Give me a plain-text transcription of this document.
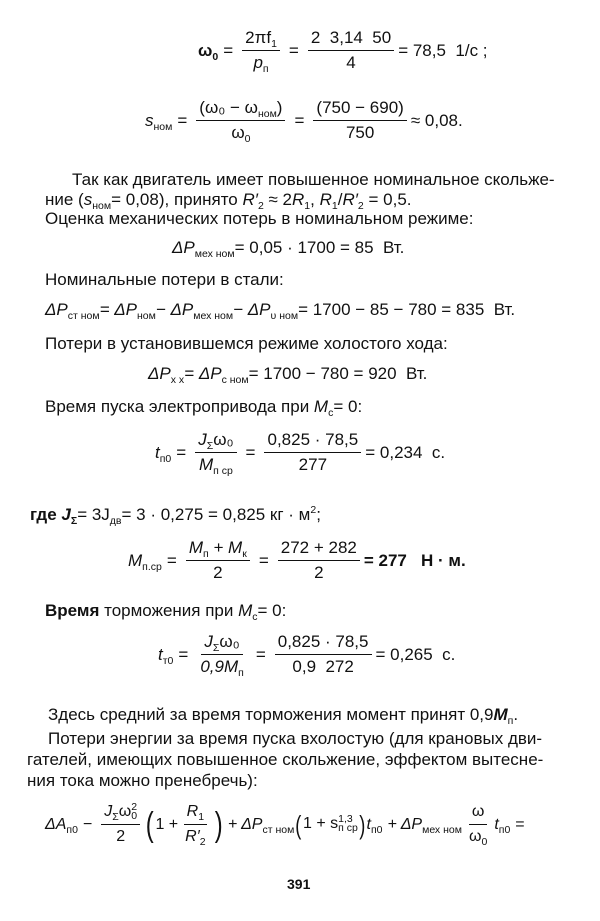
$\omega_0 = \frac{2\pi f_1}{p_п} = \frac{2 3,14 50}{4} = 78,5$  1/c ;
$s_{ном} = \frac{(\omega_0 - \omega_{ном})}{\omega_0} = \frac{(750 - 690)}{750} \approx 0,08$.
Так как двигатель имеет повышенное номинальное скольже-
ние $(s_{ном}= 0,08)$, принято $R'_2 \approx 2R_1$, $R_1/R'_2 = 0,5$.
Оценка механических потерь в номинальном режиме:
$\Delta P_{мех ном}= 0,05 \cdot 1700 = 85$  Вт.
Номинальные потери в стали:
$\Delta P_{ст ном}= \Delta P_{ном}- \Delta P_{мех ном}- \Delta P_{\upsilon ном}= 1700 - 85 - 780 = 835$  Вт.
Потери в установившемся режиме холостого хода:
$\Delta P_{x x}= \Delta P_{c ном}= 1700 - 780 = 920$  Вт.
Время пуска электропривода при $M_c= 0$:
$t_{п0} = \frac{J_\Sigma\omega_0}{M_{п ср}} = \frac{0,825 \cdot 78,5}{277} = 0,234$  с.
где $J_\Sigma= 3J_{дв}= 3 \cdot 0,275 = 0,825$ кг · $м^2$;
$M_{п.ср} = \frac{M_п + M_к}{2} = \frac{272 + 282}{2} = 277$   Н · м.
Время торможения при $M_c= 0$:
$t_{т0} = \frac{J_\Sigma\omega_0}{0,9M_п} = \frac{0,825 \cdot 78,5}{0,9 272} = 0,265$  с.
Здесь средний за время торможения момент принят $0,9M_п$.
Потери энергии за время пуска вхолостую (для крановых дви-
гателей, имеющих повышенное скольжение, эффектом вытесне-
ния тока можно пренебречь):
$\Delta A_{п0} - J_\Sigma\omega$ 2
0
2 ( $1 + \frac{R_1}{R'_2}$ ) + $\Delta P_{ст ном}$ ( 1 + s 1,3
п ср ) $t_{п0} + \Delta P_{мех ном} \frac{\omega}{\omega_0} t_{п0}$ =
391
